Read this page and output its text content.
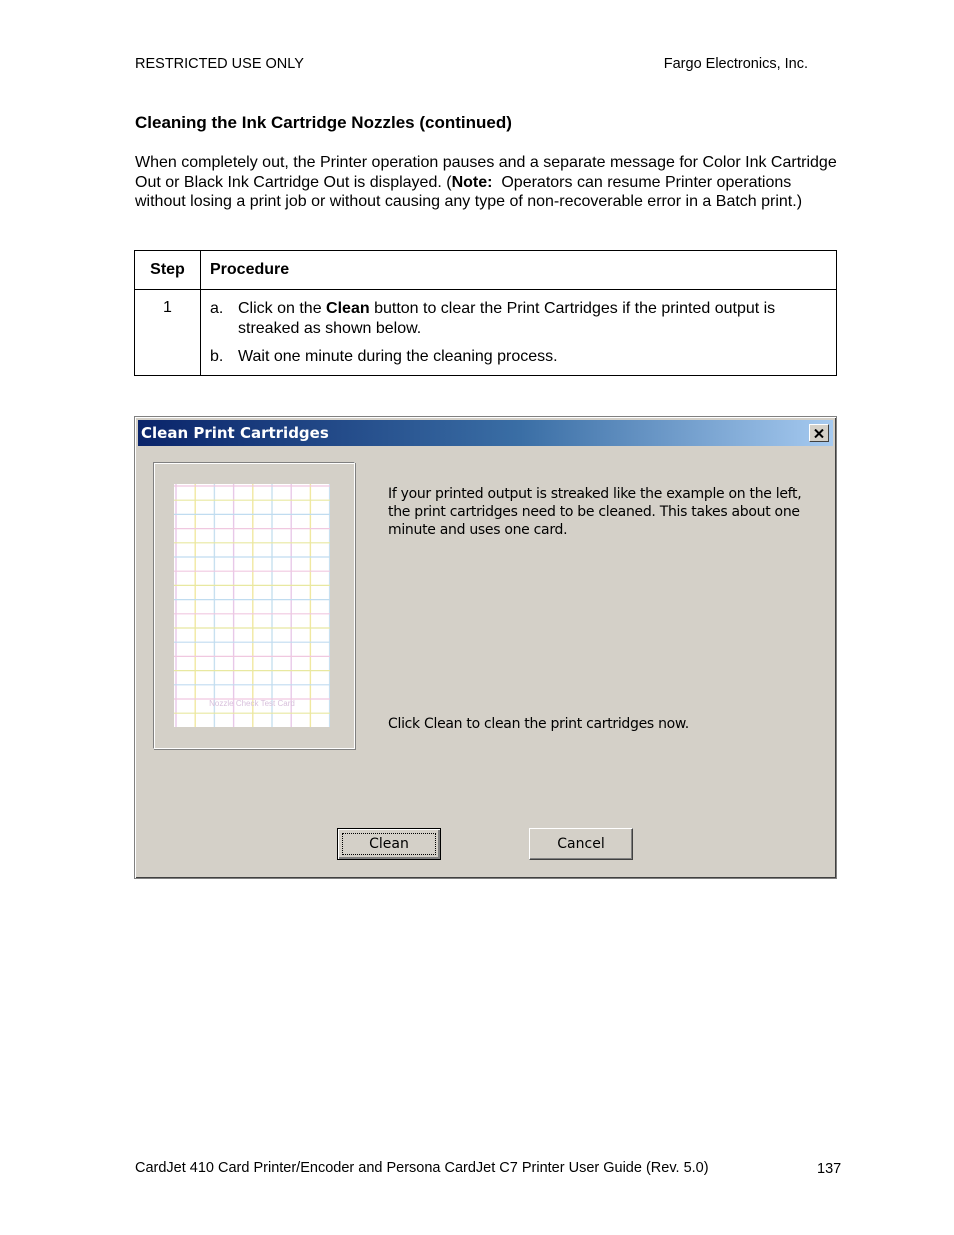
RESTRICTED USE ONLY	Fargo Electronics, Inc.
Cleaning the Ink Cartridge Nozzles (continued)
When completely out, the Printer operation pauses and a separate message for Color Ink Cartridge Out or Black Ink Cartridge Out is displayed. (Note:  Operators can resume Printer operations without losing a print job or without causing any type of non-recoverable error in a Batch print.)
Step	Procedure
1	a. Click on the Clean button to clear the Print Cartridges if the printed output is streaked as shown below.
b. Wait one minute during the cleaning process.
Clean Print Cartridges
Nozzle Check Test Card
If your printed output is streaked like the example on the left, the print cartridges need to be cleaned. This takes about one minute and uses one card.
Click Clean to clean the print cartridges now.
Clean	Cancel
CardJet 410 Card Printer/Encoder and Persona CardJet C7 Printer User Guide (Rev. 5.0)	137
